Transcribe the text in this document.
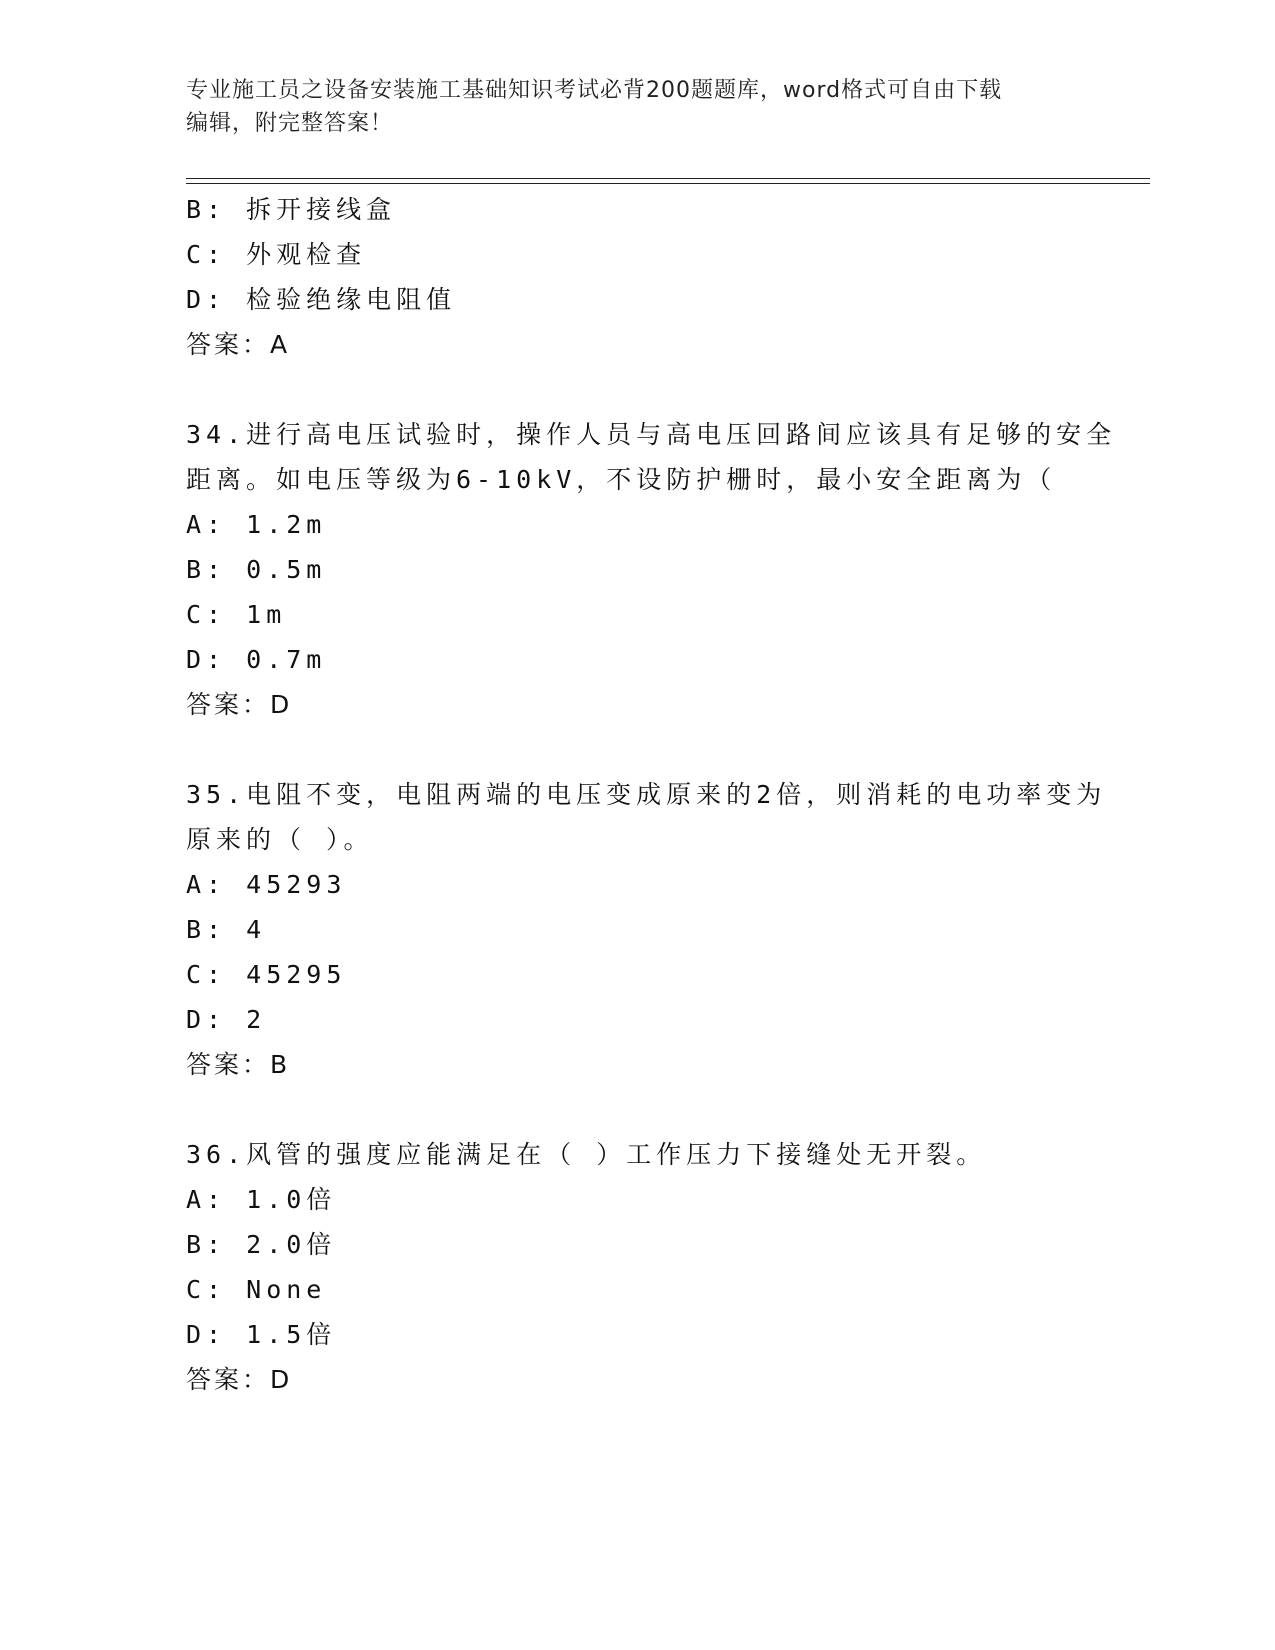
专业施工员之设备安装施工基础知识考试必背200题题库，word格式可自由下载
编辑，附完整答案！
B: 拆开接线盒
C: 外观检查
D: 检验绝缘电阻值
答案：A
34.进行高电压试验时，操作人员与高电压回路间应该具有足够的安全
距离。如电压等级为6-10kV，不设防护栅时，最小安全距离为（
A: 1.2m
B: 0.5m
C: 1m
D: 0.7m
答案：D
35.电阻不变，电阻两端的电压变成原来的2倍，则消耗的电功率变为
原来的（ ）。
A: 45293
B: 4
C: 45295
D: 2
答案：B
36.风管的强度应能满足在（ ）工作压力下接缝处无开裂。
A: 1.0倍
B: 2.0倍
C: None
D: 1.5倍
答案：D
